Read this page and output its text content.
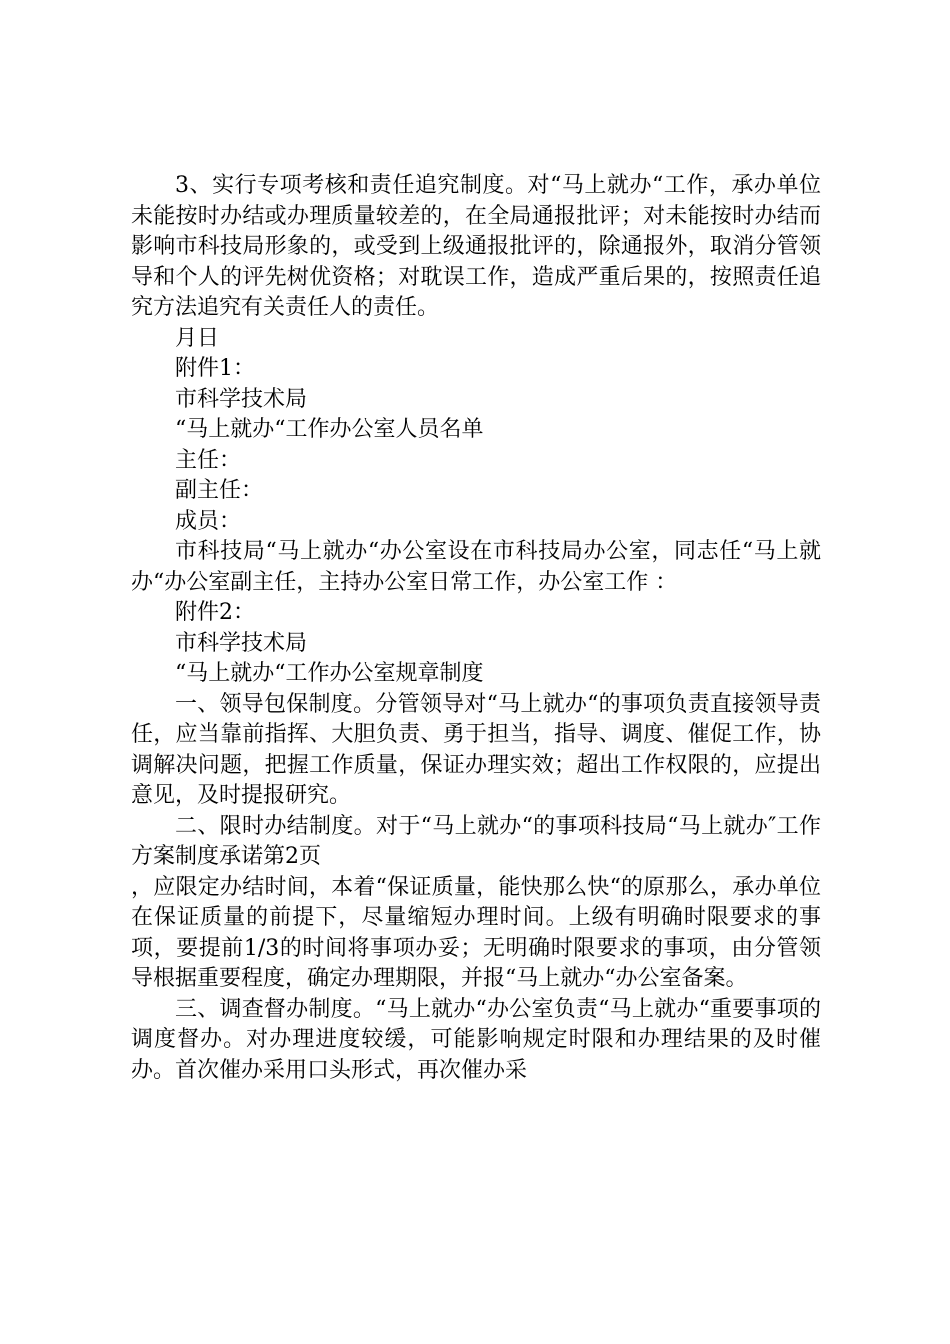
3、实行专项考核和责任追究制度。对“马上就办“工作，承办单位未能按时办结或办理质量较差的，在全局通报批评；对未能按时办结而影响市科技局形象的，或受到上级通报批评的，除通报外，取消分管领导和个人的评先树优资格；对耽误工作，造成严重后果的，按照责任追究方法追究有关责任人的责任。

月日

附件1：

市科学技术局

“马上就办“工作办公室人员名单

主任：

副主任：

成员：

市科技局“马上就办“办公室设在市科技局办公室，同志任“马上就办“办公室副主任，主持办公室日常工作，办公室工作 ：

附件2：

市科学技术局

“马上就办“工作办公室规章制度

一、领导包保制度。分管领导对“马上就办“的事项负责直接领导责任，应当靠前指挥、大胆负责、勇于担当，指导、调度、催促工作，协调解决问题，把握工作质量，保证办理实效；超出工作权限的，应提出意见，及时提报研究。

二、限时办结制度。对于“马上就办“的事项科技局“马上就办″工作方案制度承诺第2页

，应限定办结时间，本着“保证质量，能快那么快“的原那么，承办单位在保证质量的前提下，尽量缩短办理时间。上级有明确时限要求的事项，要提前1/3的时间将事项办妥；无明确时限要求的事项，由分管领导根据重要程度，确定办理期限，并报“马上就办“办公室备案。

三、调查督办制度。“马上就办“办公室负责“马上就办“重要事项的调度督办。对办理进度较缓，可能影响规定时限和办理结果的及时催办。首次催办采用口头形式，再次催办采
